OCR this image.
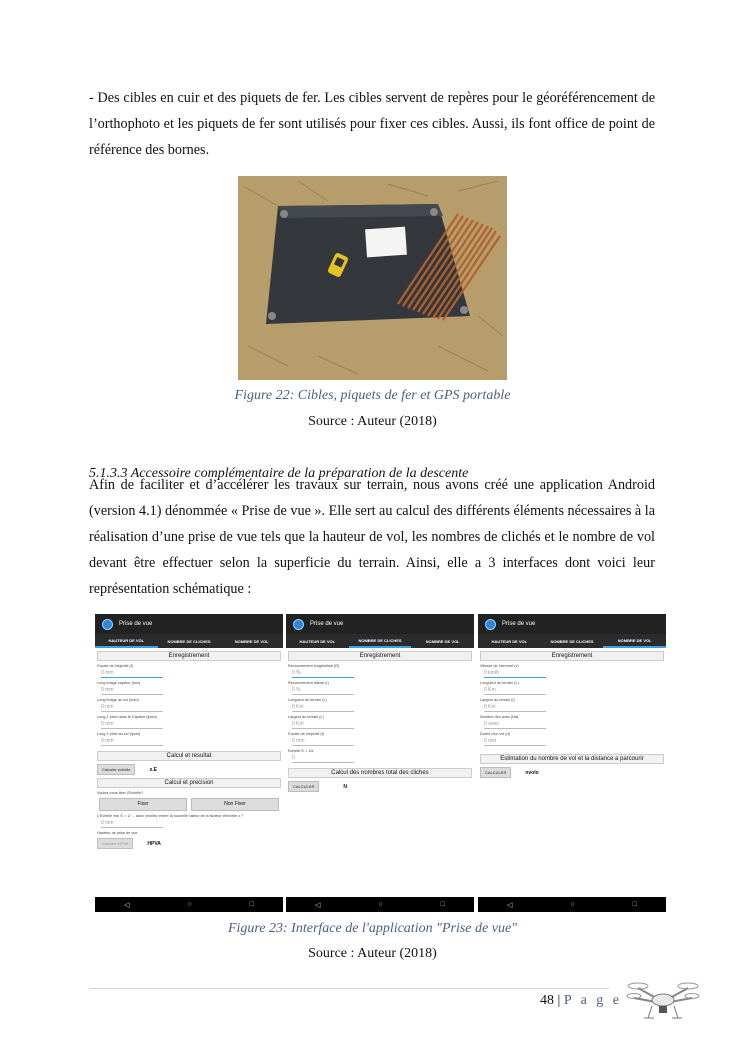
- Des cibles en cuir et des piquets de fer. Les cibles servent de repères pour le géoréférencement de l’orthophoto et les piquets de fer sont utilisés pour fixer ces cibles. Aussi, ils font office de point de référence des bornes.

Figure 22: Cibles, piquets de fer et GPS portable
Source : Auteur (2018)
5.1.3.3 Accessoire complémentaire de la préparation de la descente

Afin de faciliter et d’accélérer les travaux sur terrain, nous avons créé une application Android (version 4.1) dénommée « Prise de vue ». Elle sert au calcul des différents éléments nécessaires à la réalisation d’une prise de vue tels que la hauteur de vol, les nombres de clichés et le nombre de vol devant être effectuer selon la superficie du terrain. Ainsi, elle a 3 interfaces dont voici leur représentation schématique :

Prise de vue
HAUTEUR DE VOL	NOMBRE DE CLICHES	NOMBRE DE VOL
Enregistrement
Focale de l'objectif (f)
0 mm
Long image capteur (lcm)
0 mm
Long image au sol (lmm)
0 mm
Long 1 pixel dans le Capteur (lpcm)
0 mm
Long 1 pixel au sol (lpsm)
0 mm
Calcul et resultat
Calculer echelle	x.E
Calcul et precision
Voulez-vous fixer l'Echelle?
Fixer	Non Fixer
L'Echelle est: E = 1/ ... donc veuillez entrer la nouvelle valeur de la facteur d'échelle x ?
0 mm
Hauteur de prise de vue
Calculer HPVA	HPVA
◁	○	□
Prise de vue
HAUTEUR DE VOL	NOMBRE DE CLICHES	NOMBRE DE VOL
Enregistrement
Recouvrement longitudinal (R)
0 %
Recouvrement lateral (r)
0 %
Longueur du terrain (L)
0 Km
Largeur du terrain (L)
0 Km
Focale de l'objectif (f)
0 mm
Echelle E = 1/e
0
Calcul des nombres total des cliches
CALCULER	N
◁	○	□
Prise de vue
HAUTEUR DE VOL	NOMBRE DE CLICHES	NOMBRE DE VOL
Enregistrement
Vitesse de l'aeronef (v)
0 km/h
Longueur du terrain (L)
0 Km
Largeur du terrain (l)
0 Km
Nombre des axes (Na)
0 axes
Duree d'un vol (d)
0 min
Estimation du nombre de vol et la distance a parcourir
CALCULER	nvolo
◁	○	□
Figure 23: Interface de l'application "Prise de vue"
Source : Auteur (2018)
48 | P a g e
